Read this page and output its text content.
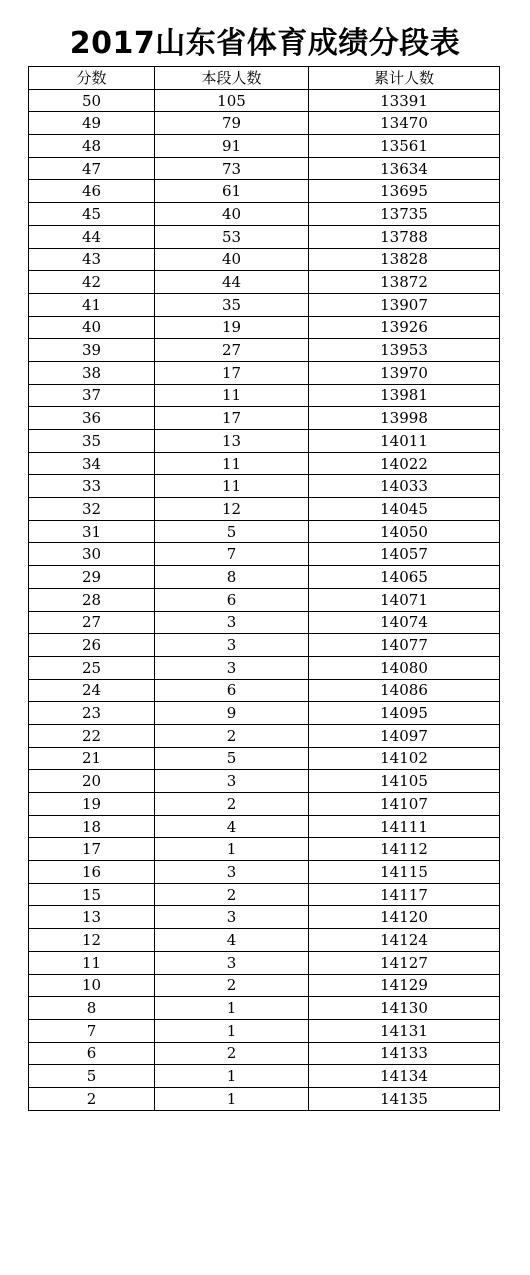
2017山东省体育成绩分段表
分数	本段人数	累计人数
50	105	13391
49	79	13470
48	91	13561
47	73	13634
46	61	13695
45	40	13735
44	53	13788
43	40	13828
42	44	13872
41	35	13907
40	19	13926
39	27	13953
38	17	13970
37	11	13981
36	17	13998
35	13	14011
34	11	14022
33	11	14033
32	12	14045
31	5	14050
30	7	14057
29	8	14065
28	6	14071
27	3	14074
26	3	14077
25	3	14080
24	6	14086
23	9	14095
22	2	14097
21	5	14102
20	3	14105
19	2	14107
18	4	14111
17	1	14112
16	3	14115
15	2	14117
13	3	14120
12	4	14124
11	3	14127
10	2	14129
8	1	14130
7	1	14131
6	2	14133
5	1	14134
2	1	14135
